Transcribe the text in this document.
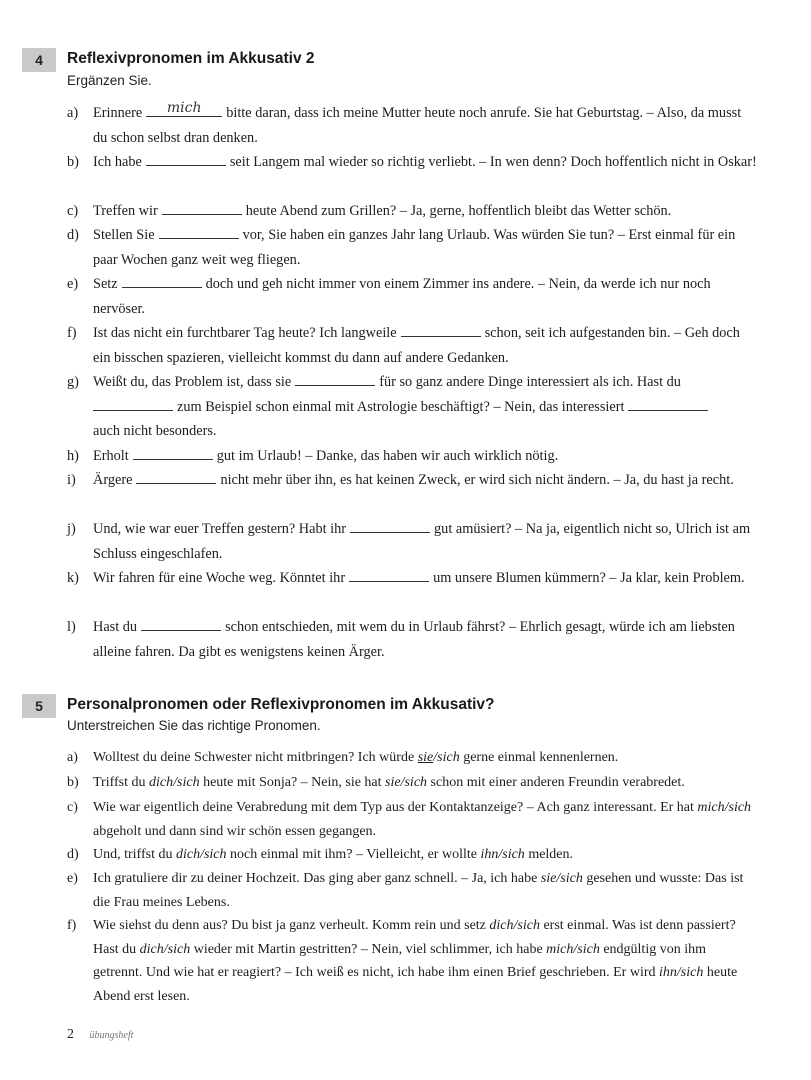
4	Reflexivpronomen im Akkusativ 2

Ergänzen Sie.

a) Erinnere	mich	bitte daran, dass ich meine Mutter heute noch anrufe. Sie hat Geburtstag. – Also, da musst du schon selbst dran denken.
b) Ich habe	seit Langem mal wieder so richtig verliebt. – In wen denn? Doch hoffentlich nicht in Oskar!
c) Treffen wir	heute Abend zum Grillen? – Ja, gerne, hoffentlich bleibt das Wetter schön.
d) Stellen Sie	vor, Sie haben ein ganzes Jahr lang Urlaub. Was würden Sie tun? – Erst einmal für ein paar Wochen ganz weit weg fliegen.
e) Setz	doch und geh nicht immer von einem Zimmer ins andere. – Nein, da werde ich nur noch nervöser.
f) Ist das nicht ein furchtbarer Tag heute? Ich langweile	schon, seit ich aufgestanden bin. – Geh doch ein bisschen spazieren, vielleicht kommst du dann auf andere Gedanken.
g) Weißt du, das Problem ist, dass sie	für so ganz andere Dinge interessiert als ich. Hast du
zum Beispiel schon einmal mit Astrologie beschäftigt? – Nein, das interessiert
auch nicht besonders.
h) Erholt	gut im Urlaub! – Danke, das haben wir auch wirklich nötig.
i) Ärgere	nicht mehr über ihn, es hat keinen Zweck, er wird sich nicht ändern. – Ja, du hast ja recht.
j) Und, wie war euer Treffen gestern? Habt ihr	gut amüsiert? – Na ja, eigentlich nicht so, Ulrich ist am Schluss eingeschlafen.
k) Wir fahren für eine Woche weg. Könntet ihr	um unsere Blumen kümmern? – Ja klar, kein Problem.
l) Hast du	schon entschieden, mit wem du in Urlaub fährst? – Ehrlich gesagt, würde ich am liebsten alleine fahren. Da gibt es wenigstens keinen Ärger.
5	Personalpronomen oder Reflexivpronomen im Akkusativ?

Unterstreichen Sie das richtige Pronomen.

a) Wolltest du deine Schwester nicht mitbringen? Ich würde sie/sich gerne einmal kennenlernen.
b) Triffst du dich/sich heute mit Sonja? – Nein, sie hat sie/sich schon mit einer anderen Freundin verabredet.
c) Wie war eigentlich deine Verabredung mit dem Typ aus der Kontaktanzeige? – Ach ganz interessant. Er hat mich/sich abgeholt und dann sind wir schön essen gegangen.
d) Und, triffst du dich/sich noch einmal mit ihm? – Vielleicht, er wollte ihn/sich melden.
e) Ich gratuliere dir zu deiner Hochzeit. Das ging aber ganz schnell. – Ja, ich habe sie/sich gesehen und wusste: Das ist die Frau meines Lebens.
f) Wie siehst du denn aus? Du bist ja ganz verheult. Komm rein und setz dich/sich erst einmal. Was ist denn passiert? Hast du dich/sich wieder mit Martin gestritten? – Nein, viel schlimmer, ich habe mich/sich endgültig von ihm getrennt. Und wie hat er reagiert? – Ich weiß es nicht, ich habe ihm einen Brief geschrieben. Er wird ihn/sich heute Abend erst lesen.
2 übungsheft
